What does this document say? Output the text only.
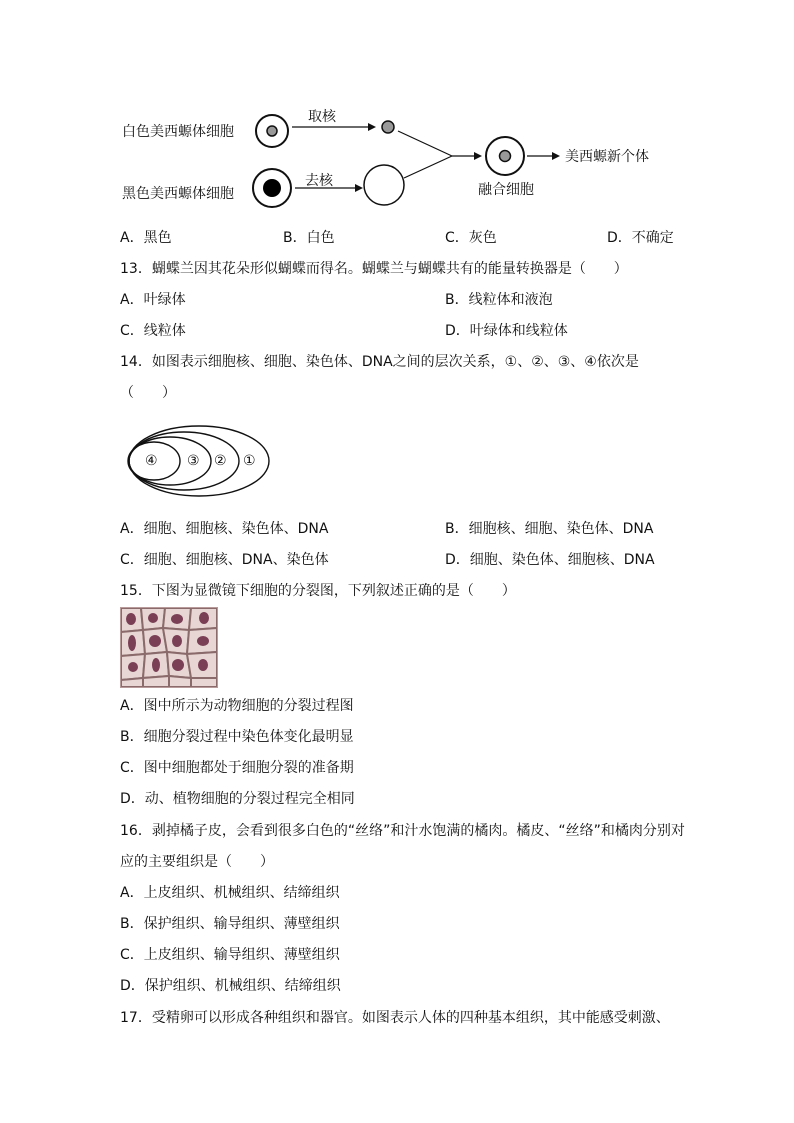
白色美西螈体细胞
黑色美西螈体细胞
取核
去核
美西螈新个体
融合细胞
A．黑色	B．白色	C．灰色	D．不确定
13．蝴蝶兰因其花朵形似蝴蝶而得名。蝴蝶兰与蝴蝶共有的能量转换器是（　　）
A．叶绿体	B．线粒体和液泡
C．线粒体	D．叶绿体和线粒体
14．如图表示细胞核、细胞、染色体、DNA之间的层次关系，①、②、③、④依次是
（　　）
④ ③ ② ①
A．细胞、细胞核、染色体、DNA	B．细胞核、细胞、染色体、DNA
C．细胞、细胞核、DNA、染色体	D．细胞、染色体、细胞核、DNA
15．下图为显微镜下细胞的分裂图，下列叙述正确的是（　　）
A．图中所示为动物细胞的分裂过程图
B．细胞分裂过程中染色体变化最明显
C．图中细胞都处于细胞分裂的准备期
D．动、植物细胞的分裂过程完全相同
16．剥掉橘子皮，会看到很多白色的“丝络”和汁水饱满的橘肉。橘皮、“丝络”和橘肉分别对
应的主要组织是（　　）
A．上皮组织、机械组织、结缔组织
B．保护组织、输导组织、薄壁组织
C．上皮组织、输导组织、薄壁组织
D．保护组织、机械组织、结缔组织
17．受精卵可以形成各种组织和器官。如图表示人体的四种基本组织，其中能感受刺激、
